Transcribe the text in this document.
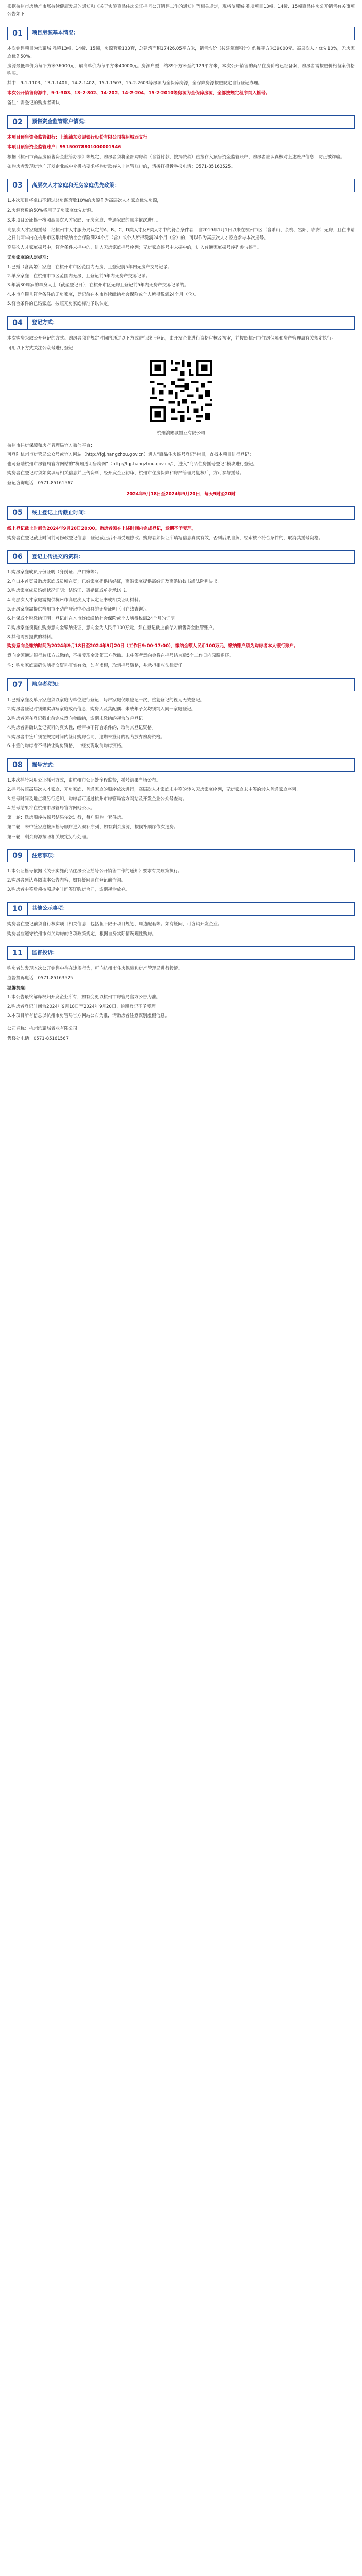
根据杭州市房地产市场持续健康发展的通知和《关于实施商品住房公证摇号公开销售工作的通知》等相关规定，现将滨耀城·雅境项目13幢、14幢、15幢商品住房公开销售有关事项公告如下：

01	项目房源基本情况：

本次销售项目为滨耀城·雅境13幢、14幢、15幢，房源套数133套，总建筑面积17426.05平方米，销售均价（按建筑面积计）约每平方米39000元。高层次人才优先10%，无房家庭优先50%。

房源最低单价为每平方米36000元，最高单价为每平方米40000元。房源户型：约89平方米至约129平方米，本次公开销售的商品住房价格已经备案，购房者需按照价格备案价格购买。

其中：9-1-1103、13-1-1401、14-2-1402、15-1-1503、15-2-2603等房源为全保障房源，全保障房源按照规定自行登记办理。

本次公开销售房源中，9-1-303、13-2-802、14-202、14-2-204、15-2-2010等房源为全保障房源，全部按规定程序纳入摇号。

备注：需登记的购房者确认

02	预售资金监管账户情况：

本项目预售资金监管银行：上海浦东发展银行股份有限公司杭州城西支行

本项目预售资金监管账户：95150078801000001946

根据《杭州市商品房预售资金监管办法》等规定，购房者须将全部购房款（含首付款、按揭贷款）直接存入预售资金监管账户，购房者应认真核对上述账户信息，防止被诈骗。

如购房者发现房地产开发企业或中介机构要求将购房款存入非监管账户的，请拨打投诉举报电话：0571-85163525。

03	高层次人才家庭和无房家庭优先政策：

1.本次项目将拿出不超过总房源套数10%的房源作为高层次人才家庭优先房源，

2.房源套数的50%将用于无房家庭优先房源。

3.本项目公证摇号按照高层次人才家庭、无房家庭、普通家庭的顺序依次进行。

高层次人才家庭摇号：经杭州市人才服务局认定的A、B、C、D类人才及E类人才中的符合条件者，自2019年1月1日以来在杭州市区（含萧山、余杭、富阳、临安）无房，且在申请之日前两年内在杭州市区累计缴纳社会保险满24个月（含）或个人所得税满24个月（含）的，可以作为高层次人才家庭参与本次摇号。

高层次人才家庭摇号中，符合条件未摇中的，进入无房家庭摇号序列；无房家庭摇号中未摇中的，进入普通家庭摇号序列参与摇号。

无房家庭的认定标准：

1.已婚（含离婚）家庭：在杭州市市区范围内无房，且登记前5年内无房产交易记录；

2.单身家庭：在杭州市市区范围内无房，且登记前5年内无房产交易记录；

3.年满30周岁的单身人士（截至登记日），在杭州市区无房且登记前5年内无房产交易记录的。

4.本市户籍且符合条件的无房家庭，登记前在本市连续缴纳社会保险或个人所得税满24个月（含）。

5.符合条件的已婚家庭，按照无房家庭标准予以认定。

04	登记方式：

本次购房采取公开登记的方式。购房者须在规定时间内通过以下方式进行线上登记，由开发企业进行资格审核及初审，并按照杭州市住房保障和房产管理局有关规定执行。

可用以下方式关注公众号进行登记：

杭州滨耀城置业有限公司

杭州市住房保障和房产管理局官方微信平台；

可登陆杭州市房管局公众号或官方网站（http://fgj.hangzhou.gov.cn）进入“商品住房摇号登记”栏目，查找本项目进行登记；

也可登陆杭州市房管局官方网站的“杭州透明售房网”（http://fgj.hangzhou.gov.cn/），进入“商品住房摇号登记”模块进行登记。

购房者在登记时须如实填写相关信息并上传资料，经开发企业初审、杭州市住房保障和房产管理局复核后，方可参与摇号。

登记咨询电话：0571-85161567

2024年9月18日至2024年9月20日，每天9时至20时

05	线上登记上传截止时间：

线上登记截止时间为2024年9月20日20:00。购房者须在上述时间内完成登记，逾期不予受理。

购房者在登记截止时间前可修改登记信息，登记截止后不再受理修改。购房者须保证所填写信息真实有效，否则后果自负，经审核不符合条件的，取消其摇号资格。

06	登记上传提交的资料：

1.购房家庭成员身份证明（身份证、户口簿等）。

2.户口本首页及购房家庭成员所在页；已婚家庭提供结婚证，离婚家庭提供离婚证及离婚协议书或法院判决书。

3.购房家庭成员婚姻状况证明：结婚证、离婚证或单身承诺书。

4.高层次人才家庭需提供杭州市高层次人才认定证书或相关证明材料。

5.无房家庭需提供杭州市不动产登记中心出具的无房证明（可在线查询）。

6.社保或个税缴纳证明：登记前在本市连续缴纳社会保险或个人所得税满24个月的证明。

7.购房家庭须提供购房意向金缴纳凭证，意向金为人民币100万元，须在登记截止前存入预售资金监管账户。

8.其他需要提供的材料。

购房意向金缴纳时间为2024年9月18日至2024年9月20日（工作日9:00-17:00），缴纳金额人民币100万元，缴纳账户须为购房者本人银行账户。

意向金须通过银行转账方式缴纳，不接受现金及第三方代缴。未中签者意向金将在摇号结束后5个工作日内原路退还。

注：购房家庭需确认所提交资料真实有效，如有虚假，取消摇号资格，并承担相应法律责任。

07	购房者须知：

1.已婚家庭及单身家庭须以家庭为单位进行登记，每户家庭仅限登记一次，重复登记的视为无效登记。

2.购房者登记时须如实填写家庭成员信息，购房人及其配偶、未成年子女均须纳入同一家庭登记。

3.购房者须在登记截止前完成意向金缴纳，逾期未缴纳的视为放弃登记。

4.购房者需确认登记资料的真实性，经审核不符合条件的，取消其登记资格。

5.购房者中签后须在规定时间内签订购房合同，逾期未签订的视为放弃购房资格。

6.中签的购房者不得转让购房资格，一经发现取消购房资格。

08	摇号方式：

1.本次摇号采用公证摇号方式，由杭州市公证处全程监督，摇号结果当场公布。

2.摇号按照高层次人才家庭、无房家庭、普通家庭的顺序依次进行，高层次人才家庭未中签的转入无房家庭序列，无房家庭未中签的转入普通家庭序列。

3.摇号时间及地点将另行通知，购房者可通过杭州市房管局官方网站及开发企业公众号查询。

4.摇号结果将在杭州市房管局官方网站公示。

第一轮：选房顺序按摇号结果依次进行，每户限购一套住房。

第二轮：未中签家庭按照摇号顺序进入候补序列，如有剩余房源，按候补顺序依次选房。

第三轮：剩余房源按照相关规定另行处理。

09	注意事项：

1.本公证摇号依据《关于实施商品住房公证摇号公开销售工作的通知》要求有关政策执行。

2.购房者须认真阅读本公告内容，如有疑问请在登记前咨询。

3.购房者中签后须按照规定时间签订购房合同，逾期视为放弃。

10	其他公示事项：

购房者在登记前须自行核实项目相关信息，包括但不限于项目规划、周边配套等。如有疑问，可咨询开发企业。

购房者应遵守杭州市有关购房的各项政策规定，根据自身实际情况理性购房。

11	监督投诉：

购房者如发现本次公开销售中存在违规行为，可向杭州市住房保障和房产管理局进行投诉。

监督投诉电话：0571-85163525

温馨提醒：

1.本公告最终解释权归开发企业所有，如有变更以杭州市房管局官方公告为准。

2.购房者登记时间为2024年9月18日至2024年9月20日，逾期登记不予受理。

3.本项目所有信息以杭州市房管局官方网站公布为准，请购房者注意甄别虚假信息。

公司名称：杭州滨耀城置业有限公司

售楼处电话：0571-85161567
